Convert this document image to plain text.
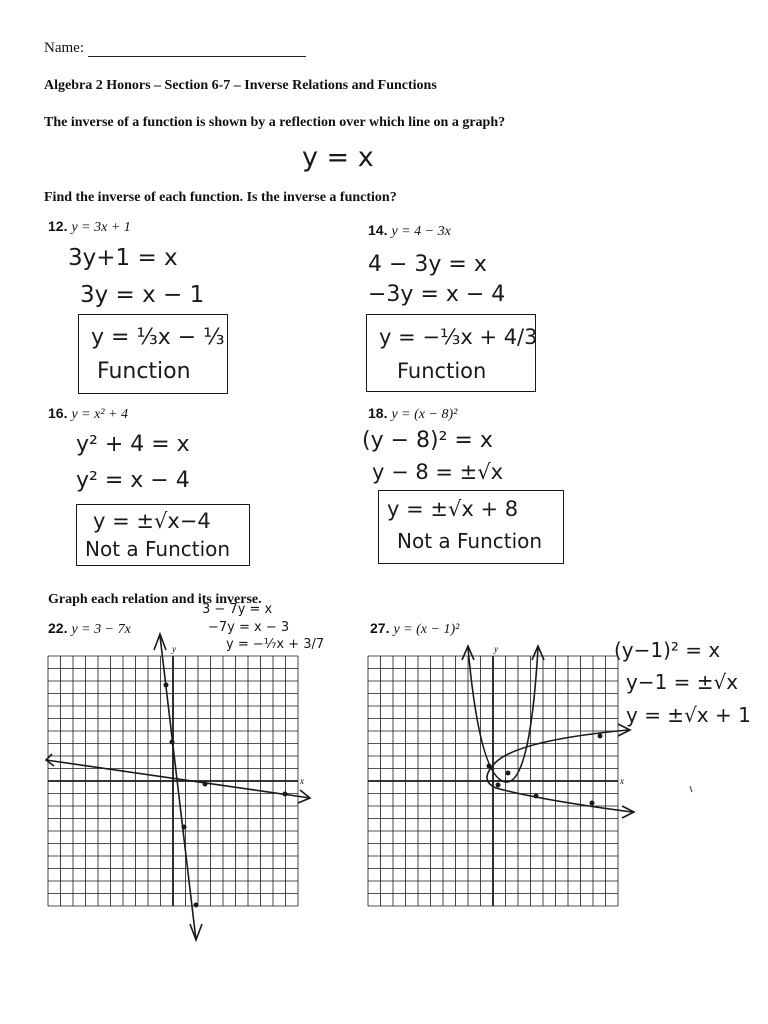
Name:
Algebra 2 Honors – Section 6-7 – Inverse Relations and Functions
The inverse of a function is shown by a reflection over which line on a graph?
y = x
Find the inverse of each function. Is the inverse a function?
12. y = 3x + 1
3y+1 = x
3y = x − 1
y = ⅓x − ⅓
Function
14. y = 4 − 3x
4 − 3y = x
−3y = x − 4
y = −⅓x + 4/3
Function
16. y = x² + 4
y² + 4 = x
y² = x − 4
y = ±√x−4
Not a Function
18. y = (x − 8)²
(y − 8)² = x
y − 8 = ±√x
y = ±√x + 8
Not a Function
Graph each relation and its inverse.
22. y = 3 − 7x
3 − 7y = x
−7y = x − 3
y = −⅐x + 3/7
27. y = (x − 1)²
(y−1)² = x
y−1 = ±√x
y = ±√x + 1
x
y
x
y
